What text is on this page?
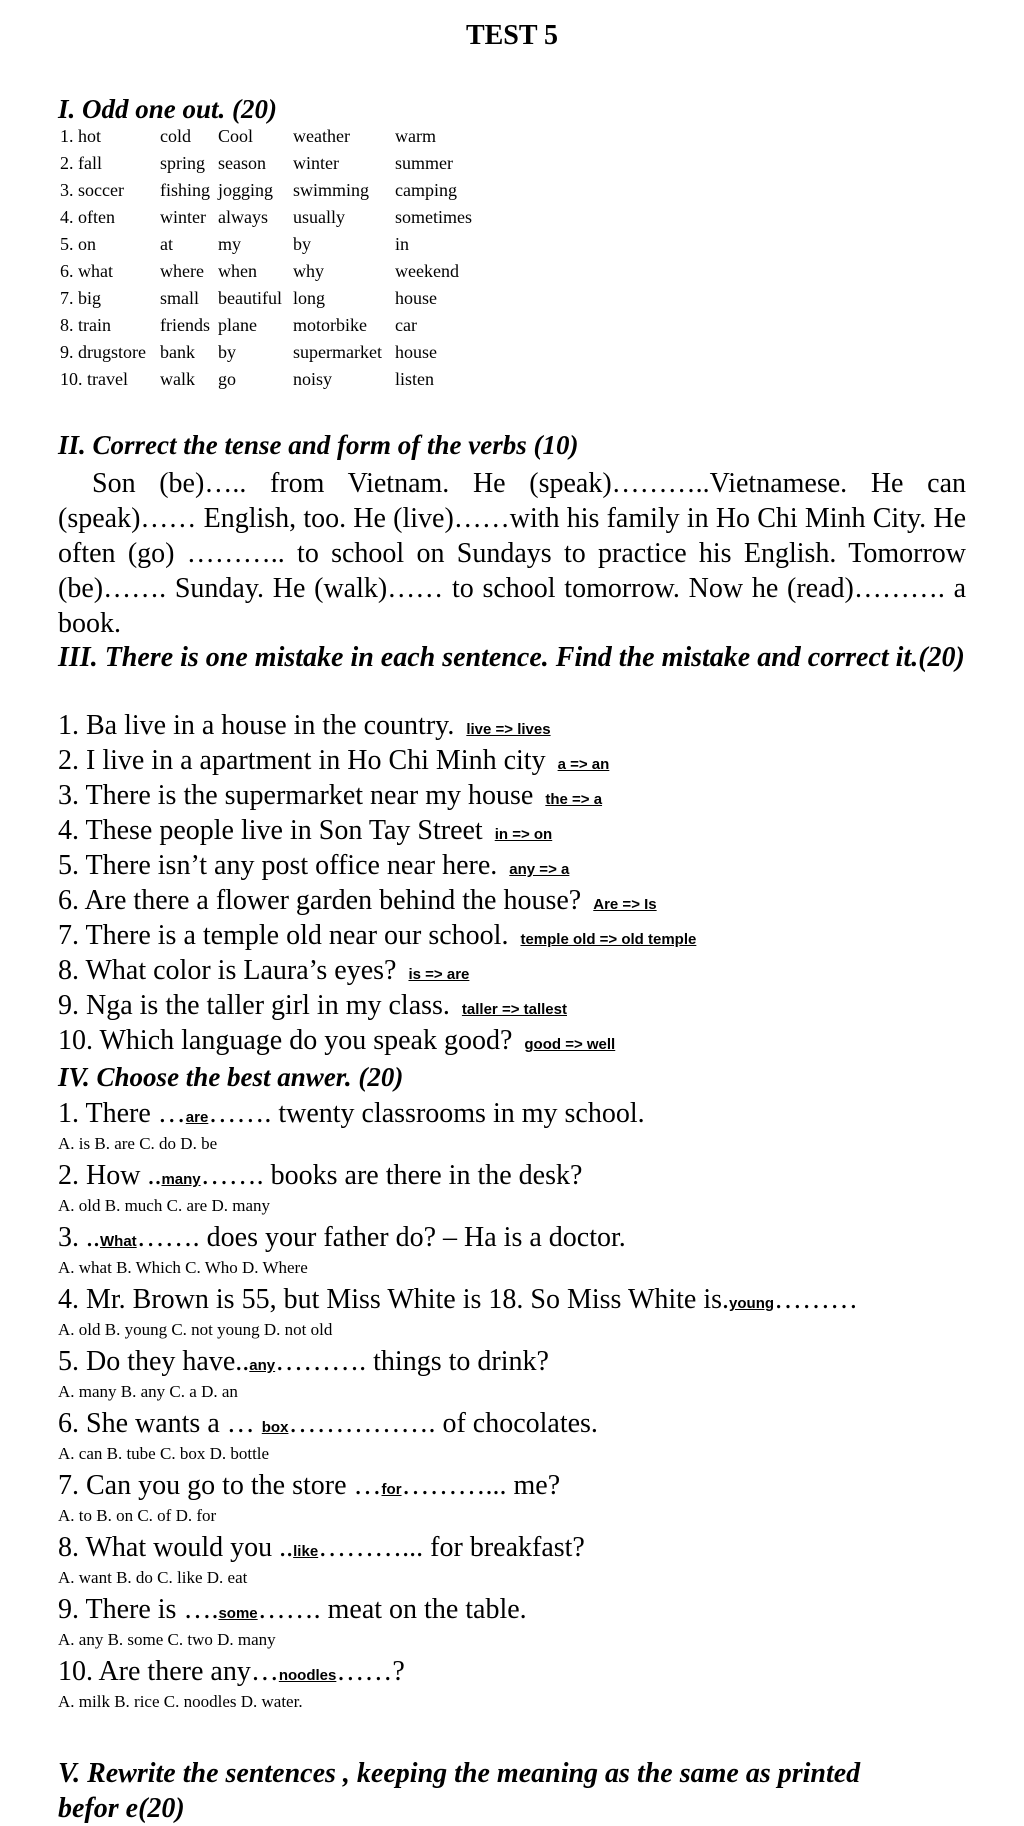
TEST 5
I. Odd one out. (20)
1. hot	cold	Cool	weather	warm
2. fall	spring	season	winter	summer
3. soccer	fishing	jogging	swimming	camping
4. often	winter	always	usually	sometimes
5. on	at	my	by	in
6. what	where	when	why	weekend
7. big	small	beautiful	long	house
8. train	friends	plane	motorbike	car
9. drugstore	bank	by	supermarket	house
10. travel	walk	go	noisy	listen
II. Correct the tense and form of the verbs (10)

Son (be)….. from Vietnam. He (speak)………..Vietnamese. He can (speak)…… English, too. He (live)……with his family in Ho Chi Minh City. He often (go) ……….. to school on Sundays to practice his English. Tomorrow (be)……. Sunday. He (walk)…… to school tomorrow. Now he (read)………. a book.

III. There is one mistake in each sentence. Find the mistake and correct it.(20)
1. Ba live in a house in the country. live => lives
2. I live in a apartment in Ho Chi Minh city a => an
3. There is the supermarket near my house the => a
4. These people live in Son Tay Street in => on
5. There isn’t any post office near here. any => a
6. Are there a flower garden behind the house? Are => Is
7. There is a temple old near our school. temple old => old temple
8. What color is Laura’s eyes? is => are
9. Nga is the taller girl in my class. taller => tallest
10. Which language do you speak good? good => well
IV. Choose the best anwer. (20)
1. There …are……. twenty classrooms in my school.
A. is B. are C. do D. be
2. How ..many……. books are there in the desk?
A. old B. much C. are D. many
3. ..What……. does your father do? – Ha is a doctor.
A. what B. Which C. Who D. Where
4. Mr. Brown is 55, but Miss White is 18. So Miss White is.young………
A. old B. young C. not young D. not old
5. Do they have..any………. things to drink?
A. many B. any C. a D. an
6. She wants a … box……………. of chocolates.
A. can B. tube C. box D. bottle
7. Can you go to the store …for………... me?
A. to B. on C. of D. for
8. What would you ..like………... for breakfast?
A. want B. do C. like D. eat
9. There is ….some……. meat on the table.
A. any B. some C. two D. many
10. Are there any…noodles……?
A. milk B. rice C. noodles D. water.
V. Rewrite the sentences , keeping the meaning as the same as printed
befor e(20)
